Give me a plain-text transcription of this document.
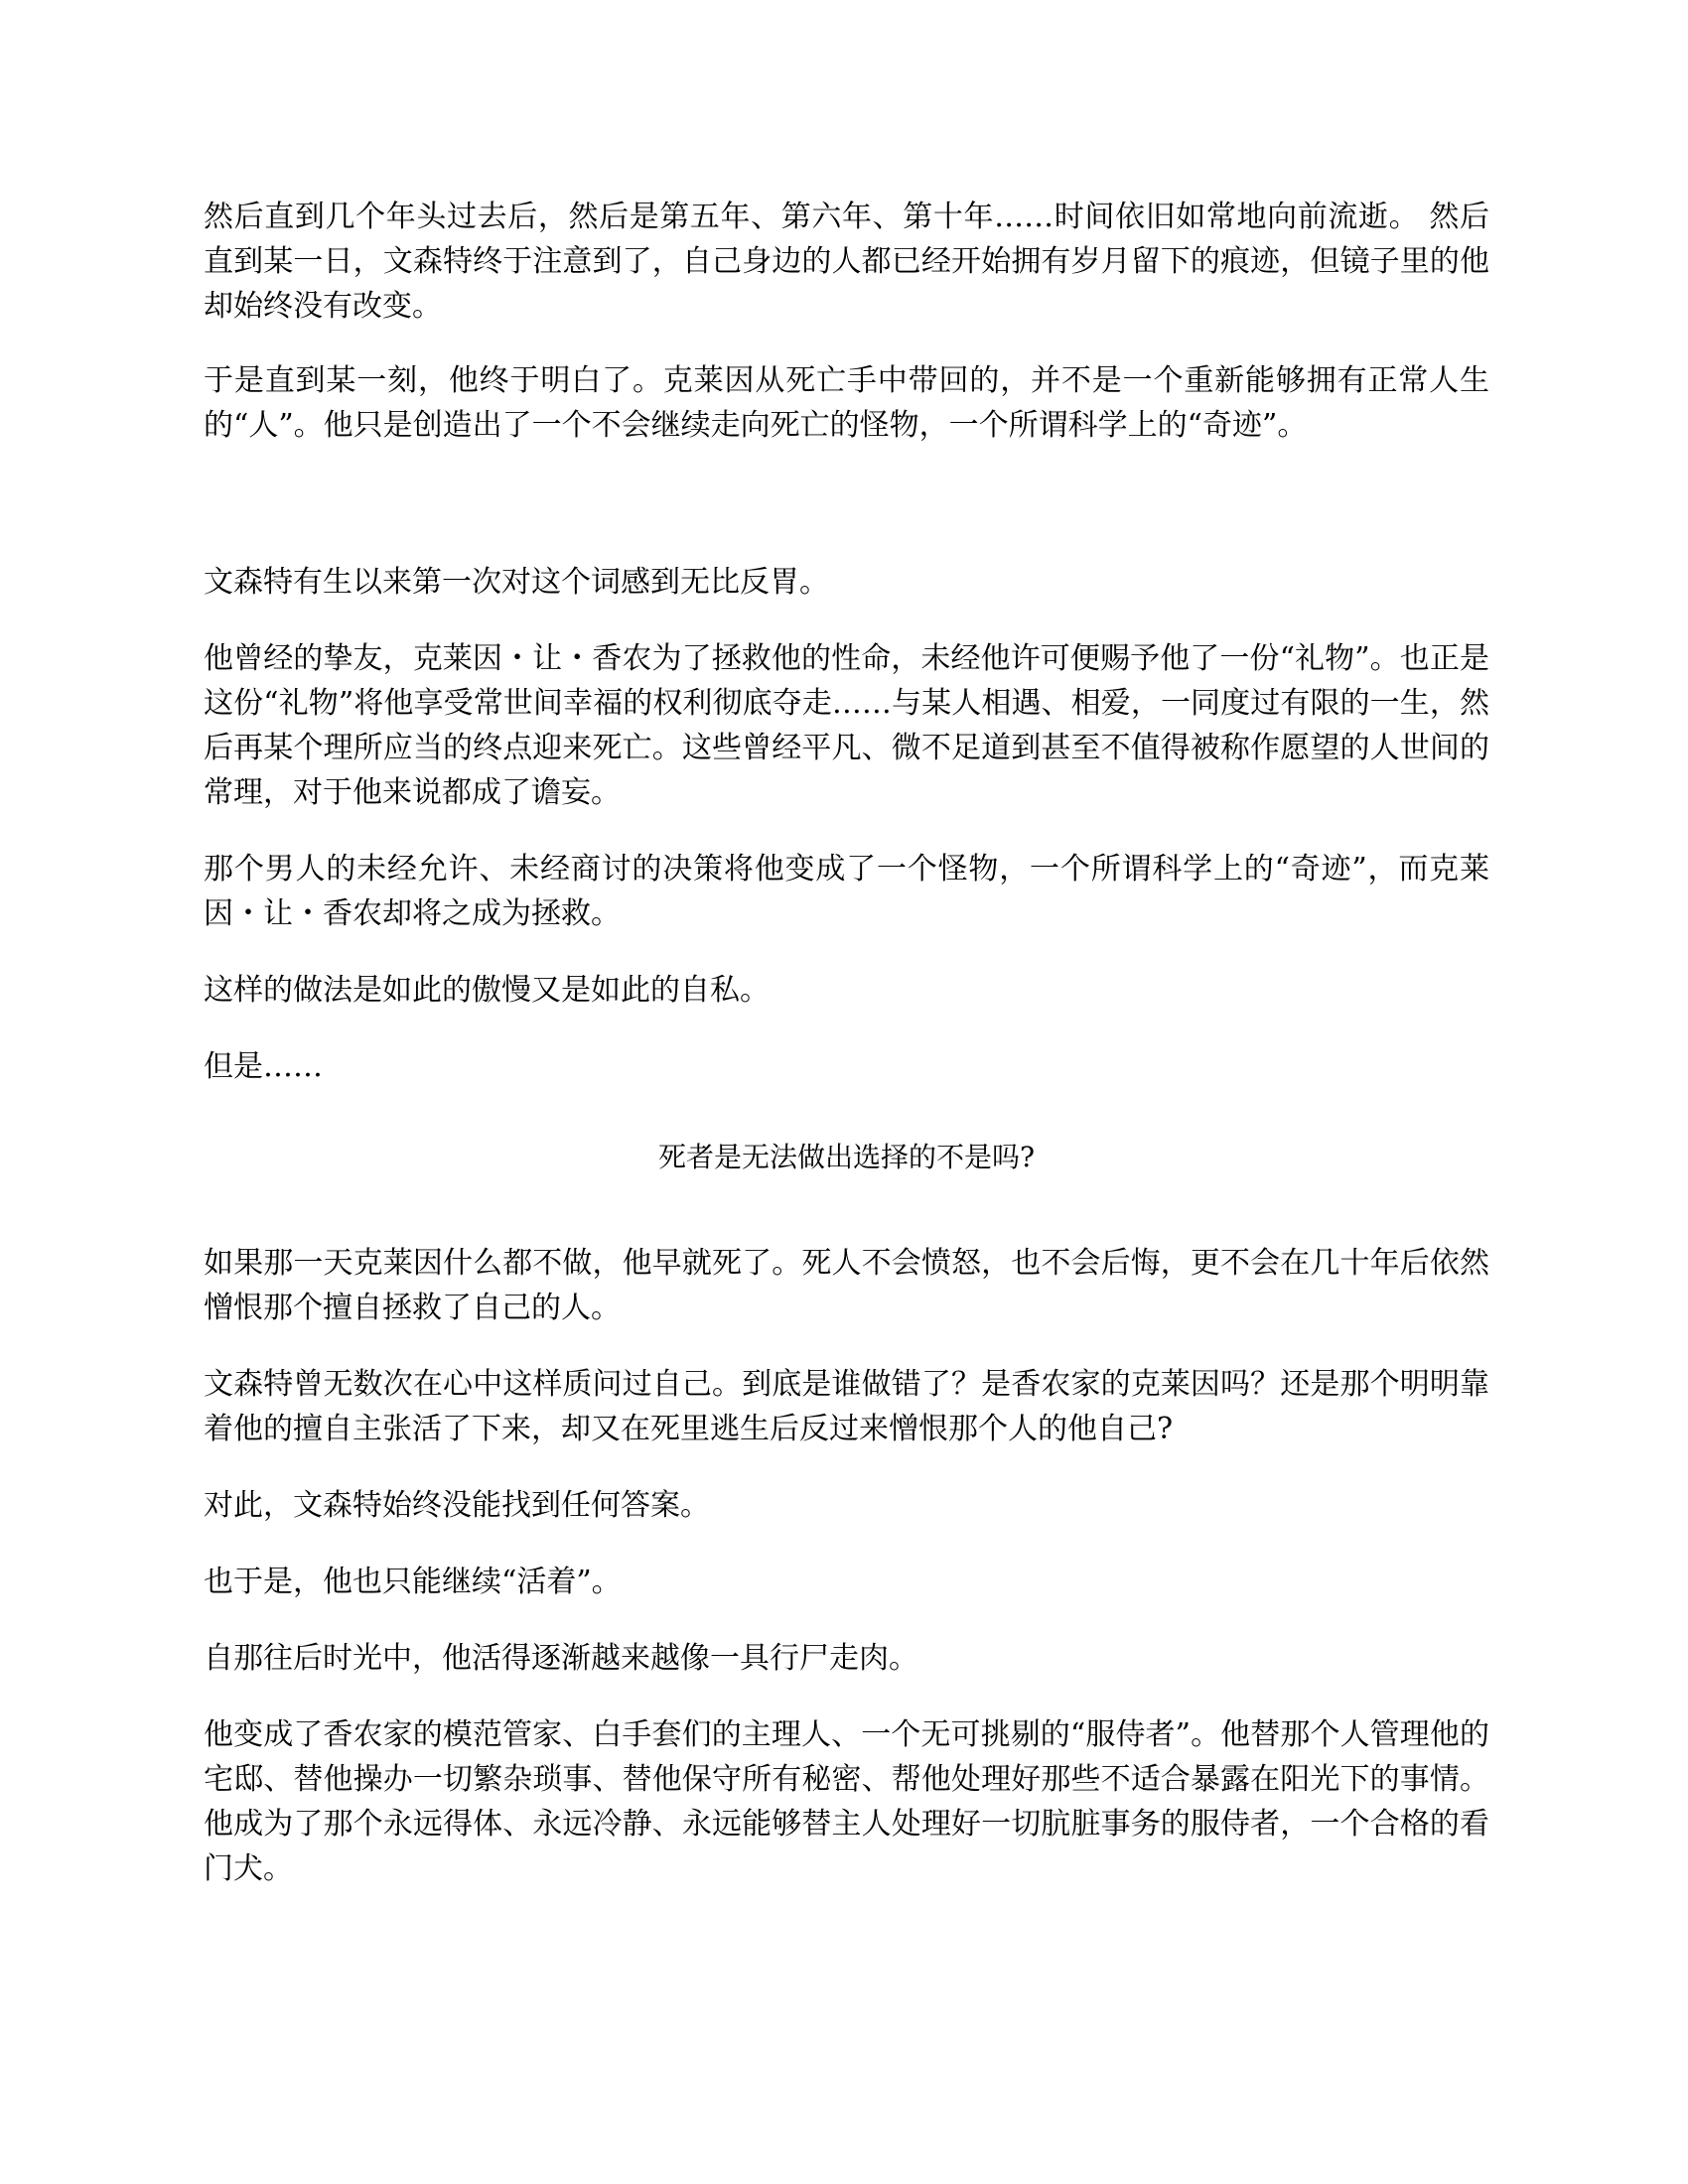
然后直到几个年头过去后，然后是第五年、第六年、第十年……时间依旧如常地向前流逝。 然后直到某一日，文森特终于注意到了，自己身边的人都已经开始拥有岁月留下的痕迹，但镜子里的他却始终没有改变。

于是直到某一刻，他终于明白了。克莱因从死亡手中带回的，并不是一个重新能够拥有正常人生的“人”。他只是创造出了一个不会继续走向死亡的怪物，一个所谓科学上的“奇迹”。

文森特有生以来第一次对这个词感到无比反胃。

他曾经的挚友，克莱因・让・香农为了拯救他的性命，未经他许可便赐予他了一份“礼物”。也正是这份“礼物”将他享受常世间幸福的权利彻底夺走……与某人相遇、相爱，一同度过有限的一生，然后再某个理所应当的终点迎来死亡。这些曾经平凡、微不足道到甚至不值得被称作愿望的人世间的常理，对于他来说都成了谵妄。

那个男人的未经允许、未经商讨的决策将他变成了一个怪物，一个所谓科学上的“奇迹”，而克莱因・让・香农却将之成为拯救。

这样的做法是如此的傲慢又是如此的自私。

但是……

死者是无法做出选择的不是吗?

如果那一天克莱因什么都不做，他早就死了。死人不会愤怒，也不会后悔，更不会在几十年后依然憎恨那个擅自拯救了自己的人。

文森特曾无数次在心中这样质问过自己。到底是谁做错了？是香农家的克莱因吗？还是那个明明靠着他的擅自主张活了下来，却又在死里逃生后反过来憎恨那个人的他自己?

对此，文森特始终没能找到任何答案。

也于是，他也只能继续“活着”。

自那往后时光中，他活得逐渐越来越像一具行尸走肉。

他变成了香农家的模范管家、白手套们的主理人、一个无可挑剔的“服侍者”。他替那个人管理他的宅邸、替他操办一切繁杂琐事、替他保守所有秘密、帮他处理好那些不适合暴露在阳光下的事情。他成为了那个永远得体、永远冷静、永远能够替主人处理好一切肮脏事务的服侍者，一个合格的看门犬。
